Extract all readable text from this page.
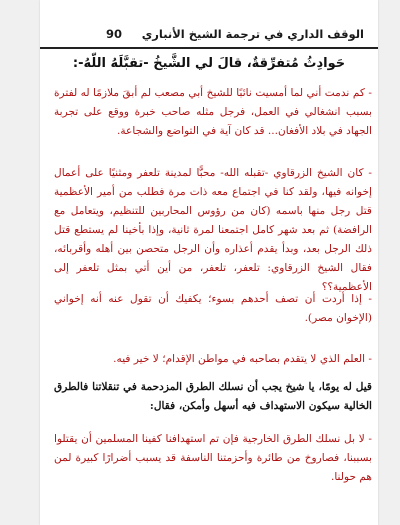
الوقف الداري في ترجمة الشيخ الأنباري
90
حَوادِثُ مُتفرِّقةٌ، قالَ لي الشَّيخُ -تقبَّلَهُ اللّهُ-:

- كم ندمت أني لما أمسيت نائبًا للشيخ أبي مصعب لم أبقَ ملازمًا له لفترة بسبب انشغالي في العمل، فرجل مثله صاحب خبرة ووقع على تجربة الجهاد في بلاد الأفغان... قد كان آية في التواضع والشجاعة.

- كان الشيخ الزرقاوي -تقبله الله- محبًّا لمدينة تلعفر ومثنيًا على أعمال إخوانه فيها، ولقد كنا في اجتماع معه ذات مرة فطلب من أمير الأعظمية قتل رجل منها باسمه (كان من رؤوس المحاربين للتنظيم، ويتعامل مع الرافضة) ثم بعد شهر كامل اجتمعنا لمرة ثانية، وإذا بأخينا لم يستطع قتل ذلك الرجل بعد، وبدأ يقدم أعذاره وأن الرجل متحصن بين أهله وأقربائه، فقال الشيخ الزرقاوي: تلعفر، تلعفر، من أين أتي بمثل تلعفر إلى الأعظمية؟؟

- إذا أردت أن تصف أحدهم بسوء؛ يكفيك أن تقول عنه أنه إخواني (الإخوان مصر).

- العلم الذي لا يتقدم بصاحبه في مواطن الإقدام؛ لا خير فيه.

قيل له يومًا، يا شيخ يجب أن نسلك الطرق المزدحمة في تنقلاتنا فالطرق الخالية سيكون الاستهداف فيه أسهل وأمكن، فقال:

- لا بل نسلك الطرق الخارجية فإن تم استهدافنا كفينا المسلمين أن يقتلوا بسببنا، فصاروخ من طائرة وأحزمتنا الناسفة قد يسبب أضرارًا كبيرة لمن هم حولنا.
